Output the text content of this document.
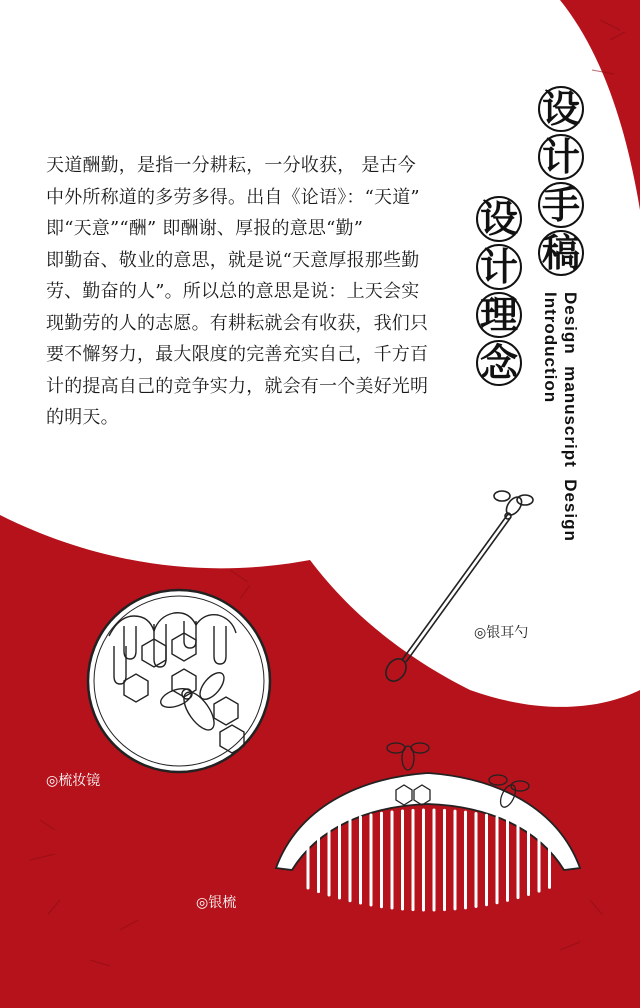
天道酬勤，是指一分耕耘，一分收获， 是古今
中外所称道的多劳多得。出自《论语》：“天道”
即“天意”“酬” 即酬谢、厚报的意思“勤”
即勤奋、敬业的意思，就是说“天意厚报那些勤
劳、勤奋的人”。所以总的意思是说：上天会实
现勤劳的人的志愿。有耕耘就会有收获，我们只
要不懈努力，最大限度的完善充实自己，千方百
计的提高自己的竞争实力，就会有一个美好光明
的明天。
设
计
手
稿
设
计
理
念
Design  manuscript  Design
Introduction
◎银耳勺
◎梳妆镜
◎银梳
